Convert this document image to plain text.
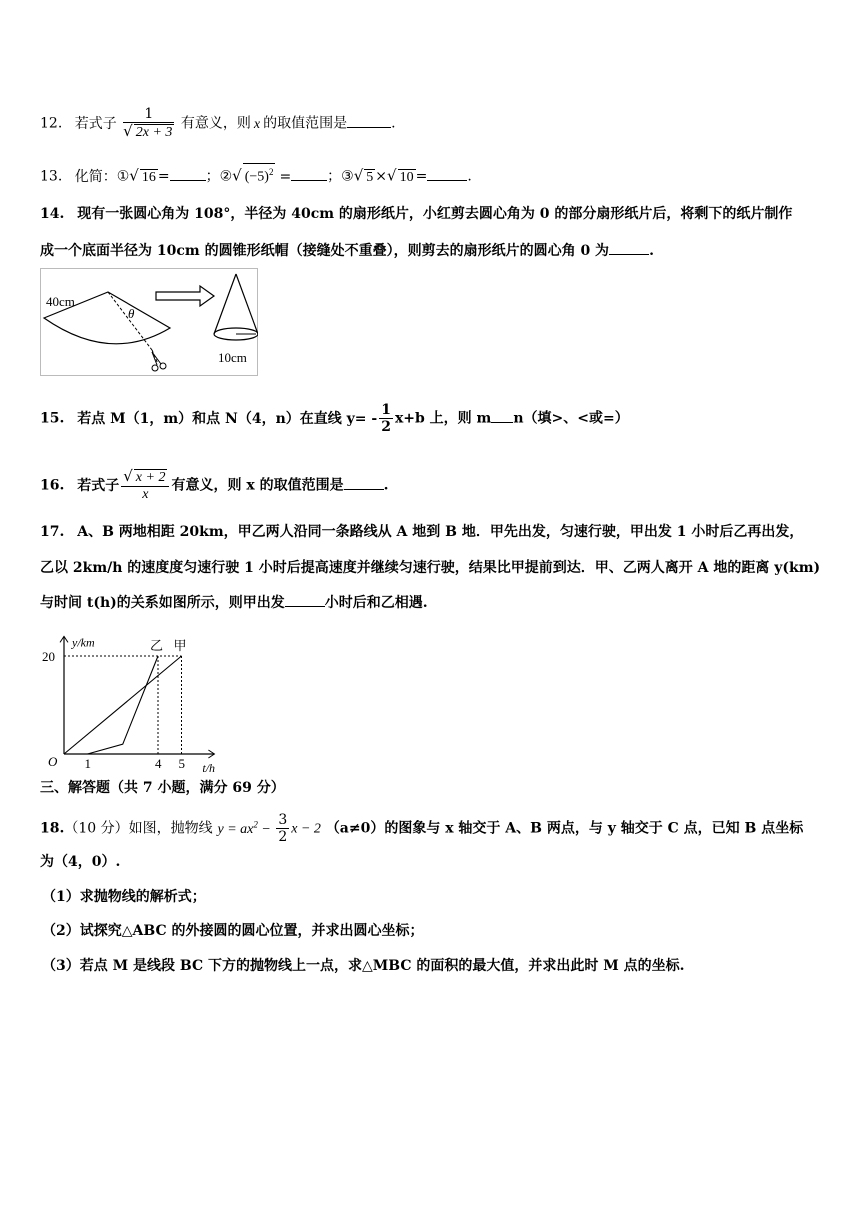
12. 若式子 $\frac{1}{√ 2x + 3}$ 有意义，则 x 的取值范围是	.
13. 化简：①√ 16 =	；②√ $(-5)^2$ =	；③√ 5 ×√ 10 =	.
14. 现有一张圆心角为 108°，半径为 40cm 的扇形纸片，小红剪去圆心角为 0 的部分扇形纸片后，将剩下的纸片制作
成一个底面半径为 10cm 的圆锥形纸帽（接缝处不重叠），则剪去的扇形纸片的圆心角 0 为	.
40cm
θ
10cm
15. 若点 M（1，m）和点 N（4，n）在直线 $y= - \frac{1}{2} x+b$ 上，则 m n（填>、<或=）
16. 若式子 $\frac{√ x + 2}{x}$ 有意义，则 x 的取值范围是	.
17. A、B 两地相距 20km，甲乙两人沿同一条路线从 A 地到 B 地．甲先出发，匀速行驶，甲出发 1 小时后乙再出发，
乙以 2km/h 的速度度匀速行驶 1 小时后提高速度并继续匀速行驶，结果比甲提前到达．甲、乙两人离开 A 地的距离 y(km)
与时间 t(h)的关系如图所示，则甲出发	小时后和乙相遇.
y/km
t/h
O
20
1	4 5
甲
乙
三、解答题（共 7 小题，满分 69 分）
18.（10 分）如图，抛物线 $y = ax^2 - \frac{3}{2}$ x − 2 （a≠0）的图象与 x 轴交于 A、B 两点，与 y 轴交于 C 点，已知 B 点坐标
为（4，0）.
（1）求抛物线的解析式；
（2）试探究△ABC 的外接圆的圆心位置，并求出圆心坐标；
（3）若点 M 是线段 BC 下方的抛物线上一点，求△MBC 的面积的最大值，并求出此时 M 点的坐标.
